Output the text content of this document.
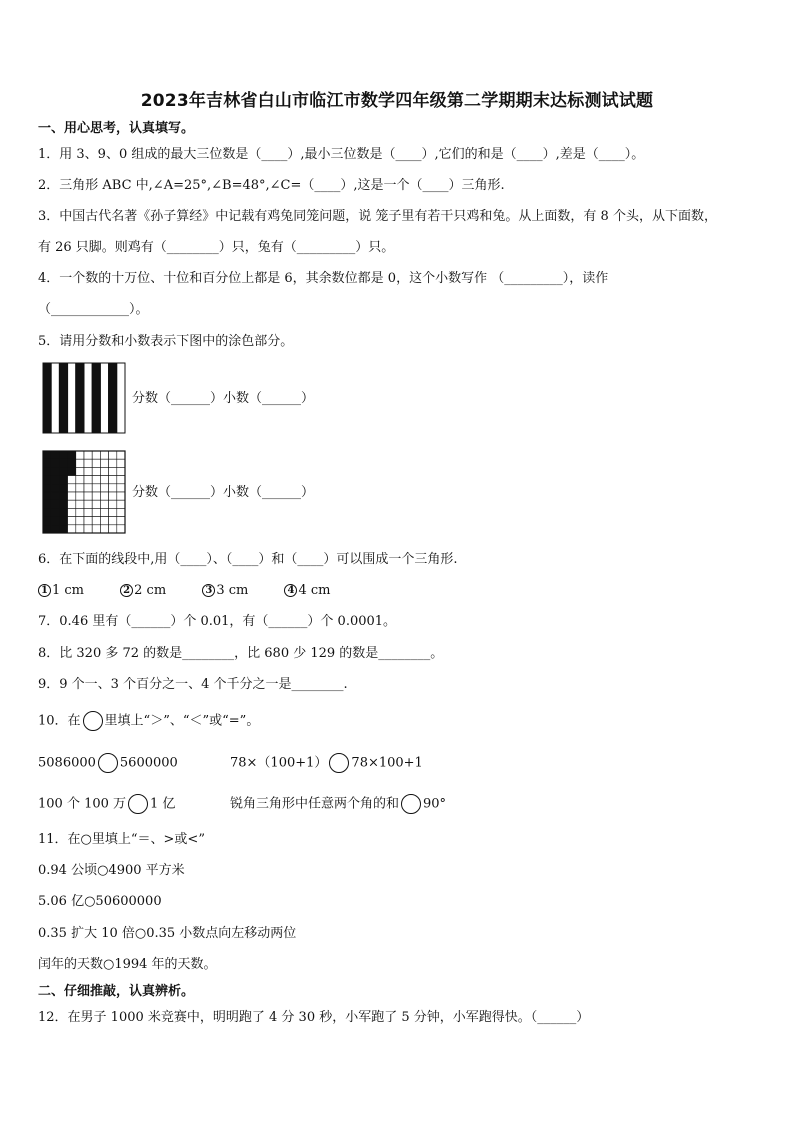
2023年吉林省白山市临江市数学四年级第二学期期末达标测试试题
一、用心思考，认真填写。
1．用 3、9、0 组成的最大三位数是（____）,最小三位数是（____）,它们的和是（____）,差是（____）。
2．三角形 ABC 中,∠A=25°,∠B=48°,∠C=（____）,这是一个（____）三角形.
3．中国古代名著《孙子算经》中记载有鸡兔同笼问题，说 笼子里有若干只鸡和兔。从上面数，有 8 个头，从下面数，
有 26 只脚。则鸡有（________）只，兔有（_________）只。
4．一个数的十万位、十位和百分位上都是 6，其余数位都是 0，这个小数写作 （_________），读作
（____________）。
5．请用分数和小数表示下图中的涂色部分。
分数（______）小数（______）
分数（______）小数（______）
6．在下面的线段中,用（____）、（____）和（____）可以围成一个三角形.
1 1 cm	2 2 cm	3 3 cm	4 4 cm
7．0.46 里有（______）个 0.01，有（______）个 0.0001。
8．比 320 多 72 的数是________，比 680 少 129 的数是________。
9．9 个一、3 个百分之一、4 个千分之一是________.
10．在 里填上“＞”、“＜”或“=”。
5086000 5600000	78×（100+1） 78×100+1
100 个 100 万 1 亿	锐角三角形中任意两个角的和 90°
11．在○里填上“＝、>或<”
0.94 公顷○4900 平方米
5.06 亿○50600000
0.35 扩大 10 倍○0.35 小数点向左移动两位
闰年的天数○1994 年的天数。
二、仔细推敲，认真辨析。
12．在男子 1000 米竞赛中，明明跑了 4 分 30 秒，小军跑了 5 分钟，小军跑得快。（______）
